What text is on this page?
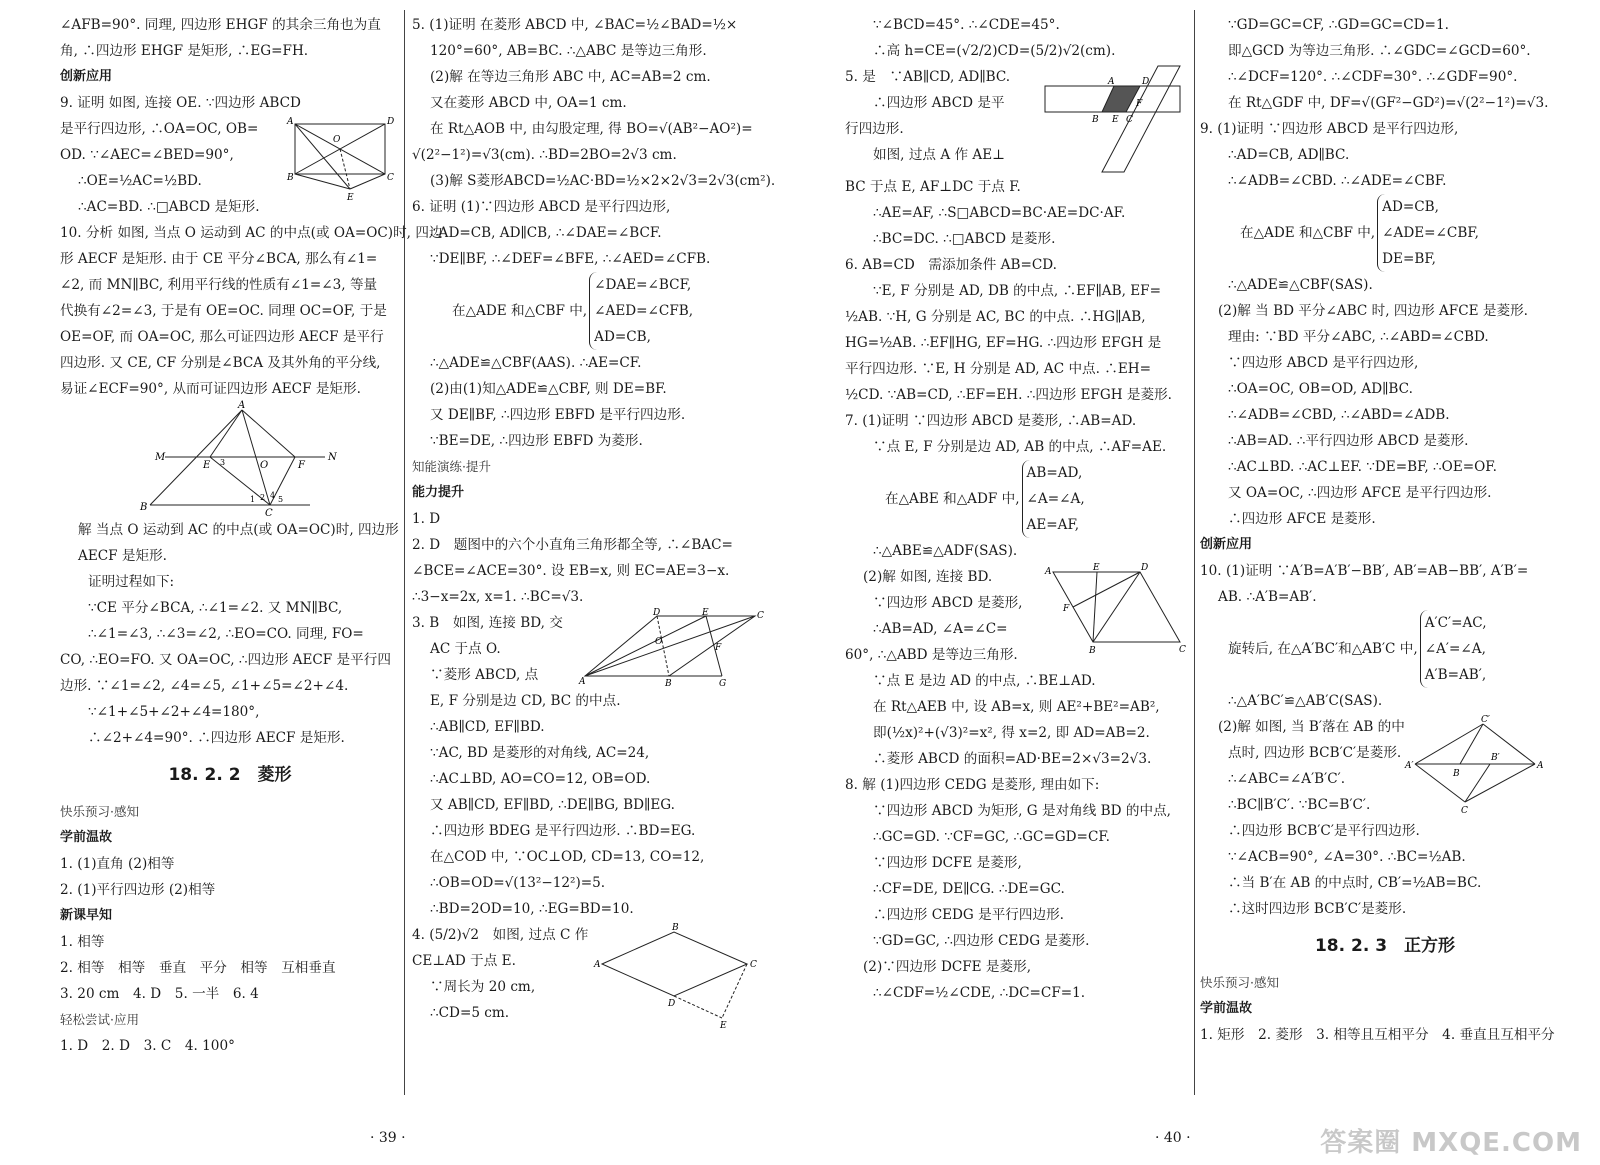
∠AFB=90°. 同理, 四边形 EHGF 的其余三角也为直
角, ∴四边形 EHGF 是矩形, ∴EG=FH.
创新应用
9. 证明 如图, 连接 OE. ∵四边形 ABCD
是平行四边形, ∴OA=OC, OB=
OD. ∵∠AEC=∠BED=90°,
∴OE=½AC=½BD.
∴AC=BD. ∴□ABCD 是矩形.
A	D
B	C
O
E
10. 分析 如图, 当点 O 运动到 AC 的中点(或 OA=OC)时, 四边
形 AECF 是矩形. 由于 CE 平分∠BCA, 那么有∠1=
∠2, 而 MN∥BC, 利用平行线的性质有∠1=∠3, 等量
代换有∠2=∠3, 于是有 OE=OC. 同理 OC=OF, 于是
OE=OF, 而 OA=OC, 那么可证四边形 AECF 是平行
四边形. 又 CE, CF 分别是∠BCA 及其外角的平分线,
易证∠ECF=90°, 从而可证四边形 AECF 是矩形.
A
M	N
B
C
E	O	F
3
1 2 4 5
解 当点 O 运动到 AC 的中点(或 OA=OC)时, 四边形
AECF 是矩形.
证明过程如下:
∵CE 平分∠BCA, ∴∠1=∠2. 又 MN∥BC,
∴∠1=∠3, ∴∠3=∠2, ∴EO=CO. 同理, FO=
CO, ∴EO=FO. 又 OA=OC, ∴四边形 AECF 是平行四
边形. ∵∠1=∠2, ∠4=∠5, ∠1+∠5=∠2+∠4.
∵∠1+∠5+∠2+∠4=180°,
∴∠2+∠4=90°. ∴四边形 AECF 是矩形.
18. 2. 2　菱形
快乐预习·感知
学前温故
1. (1)直角 (2)相等
2. (1)平行四边形 (2)相等
新课早知
1. 相等
2. 相等　相等　垂直　平分　相等　互相垂直
3. 20 cm　4. D　5. 一半　6. 4
轻松尝试·应用
1. D　2. D　3. C　4. 100°
5. (1)证明 在菱形 ABCD 中, ∠BAC=½∠BAD=½×
120°=60°, AB=BC. ∴△ABC 是等边三角形.
(2)解 在等边三角形 ABC 中, AC=AB=2 cm.
又在菱形 ABCD 中, OA=1 cm.
在 Rt△AOB 中, 由勾股定理, 得 BO=√(AB²−AO²)=
√(2²−1²)=√3(cm). ∴BD=2BO=2√3 cm.
(3)解 S菱形ABCD=½AC·BD=½×2×2√3=2√3(cm²).
6. 证明 (1)∵四边形 ABCD 是平行四边形,
∴AD=CB, AD∥CB, ∴∠DAE=∠BCF.
∵DE∥BF, ∴∠DEF=∠BFE, ∴∠AED=∠CFB.
在△ADE 和△CBF 中,
∠DAE=∠BCF,
∠AED=∠CFB,
AD=CB,
∴△ADE≌△CBF(AAS). ∴AE=CF.
(2)由(1)知△ADE≌△CBF, 则 DE=BF.
又 DE∥BF, ∴四边形 EBFD 是平行四边形.
∵BE=DE, ∴四边形 EBFD 为菱形.
知能演练·提升
能力提升
1. D
2. D　题图中的六个小直角三角形都全等, ∴∠BAC=
∠BCE=∠ACE=30°. 设 EB=x, 则 EC=AE=3−x.
∴3−x=2x, x=1. ∴BC=√3.
3. B　如图, 连接 BD, 交
AC 于点 O.
∵菱形 ABCD, 点	A
D	E	C
B	G
O
F
E, F 分别是边 CD, BC 的中点.
∴AB∥CD, EF∥BD.
∵AC, BD 是菱形的对角线, AC=24,
∴AC⊥BD, AO=CO=12, OB=OD.
又 AB∥CD, EF∥BD, ∴DE∥BG, BD∥EG.
∴四边形 BDEG 是平行四边形. ∴BD=EG.
在△COD 中, ∵OC⊥OD, CD=13, CO=12,
∴OB=OD=√(13²−12²)=5.
∴BD=2OD=10, ∴EG=BD=10.
4. (5/2)√2　如图, 过点 C 作
CE⊥AD 于点 E.
∵周长为 20 cm,
∴CD=5 cm.
A
B
C
D
E
· 39 ·
∵∠BCD=45°. ∴∠CDE=45°.
∴高 h=CE=(√2/2)CD=(5/2)√2(cm).
5. 是　∵AB∥CD, AD∥BC.
∴四边形 ABCD 是平
行四边形.
如图, 过点 A 作 AE⊥
A	D
B E C
F
BC 于点 E, AF⊥DC 于点 F.
∴AE=AF, ∴S□ABCD=BC·AE=DC·AF.
∴BC=DC. ∴□ABCD 是菱形.
6. AB=CD　需添加条件 AB=CD.
∵E, F 分别是 AD, DB 的中点, ∴EF∥AB, EF=
½AB. ∵H, G 分别是 AC, BC 的中点. ∴HG∥AB,
HG=½AB. ∴EF∥HG, EF=HG. ∴四边形 EFGH 是
平行四边形. ∵E, H 分别是 AD, AC 中点. ∴EH=
½CD. ∵AB=CD, ∴EF=EH. ∴四边形 EFGH 是菱形.
7. (1)证明 ∵四边形 ABCD 是菱形, ∴AB=AD.
∵点 E, F 分别是边 AD, AB 的中点, ∴AF=AE.
在△ABE 和△ADF 中,
AB=AD,
∠A=∠A,
AE=AF,
∴△ABE≌△ADF(SAS).
(2)解 如图, 连接 BD.
∵四边形 ABCD 是菱形,
∴AB=AD, ∠A=∠C=
60°, ∴△ABD 是等边三角形.
A	E	D
F
B	C
∵点 E 是边 AD 的中点, ∴BE⊥AD.
在 Rt△AEB 中, 设 AB=x, 则 AE²+BE²=AB²,
即(½x)²+(√3)²=x², 得 x=2, 即 AD=AB=2.
∴菱形 ABCD 的面积=AD·BE=2×√3=2√3.
8. 解 (1)四边形 CEDG 是菱形, 理由如下:
∵四边形 ABCD 为矩形, G 是对角线 BD 的中点,
∴GC=GD. ∵CF=GC, ∴GC=GD=CF.
∵四边形 DCFE 是菱形,
∴CF=DE, DE∥CG. ∴DE=GC.
∴四边形 CEDG 是平行四边形.
∵GD=GC, ∴四边形 CEDG 是菱形.
(2)∵四边形 DCFE 是菱形,
∴∠CDF=½∠CDE, ∴DC=CF=1.
∵GD=GC=CF, ∴GD=GC=CD=1.
即△GCD 为等边三角形. ∴∠GDC=∠GCD=60°.
∴∠DCF=120°. ∴∠CDF=30°. ∴∠GDF=90°.
在 Rt△GDF 中, DF=√(GF²−GD²)=√(2²−1²)=√3.
9. (1)证明 ∵四边形 ABCD 是平行四边形,
∴AD=CB, AD∥BC.
∴∠ADB=∠CBD. ∴∠ADE=∠CBF.
在△ADE 和△CBF 中,
AD=CB,
∠ADE=∠CBF,
DE=BF,
∴△ADE≌△CBF(SAS).
(2)解 当 BD 平分∠ABC 时, 四边形 AFCE 是菱形.
理由: ∵BD 平分∠ABC, ∴∠ABD=∠CBD.
∵四边形 ABCD 是平行四边形,
∴OA=OC, OB=OD, AD∥BC.
∴∠ADB=∠CBD, ∴∠ABD=∠ADB.
∴AB=AD. ∴平行四边形 ABCD 是菱形.
∴AC⊥BD. ∴AC⊥EF. ∵DE=BF, ∴OE=OF.
又 OA=OC, ∴四边形 AFCE 是平行四边形.
∴四边形 AFCE 是菱形.
创新应用
10. (1)证明 ∵A′B=A′B′−BB′, AB′=AB−BB′, A′B′=
AB. ∴A′B=AB′.
旋转后, 在△A′BC′和△AB′C 中,
A′C′=AC,
∠A′=∠A,
A′B=AB′,
∴△A′BC′≌△AB′C(SAS).
(2)解 如图, 当 B′落在 AB 的中
点时, 四边形 BCB′C′是菱形.
∴∠ABC=∠A′B′C′.
∴BC∥B′C′. ∵BC=B′C′.
A′	A
C′
C
B
B′
∴四边形 BCB′C′是平行四边形.
∵∠ACB=90°, ∠A=30°. ∴BC=½AB.
∴当 B′在 AB 的中点时, CB′=½AB=BC.
∴这时四边形 BCB′C′是菱形.
18. 2. 3　正方形
快乐预习·感知
学前温故
1. 矩形　2. 菱形　3. 相等且互相平分　4. 垂直且互相平分
· 40 ·	答案圈 MXQE.COM
